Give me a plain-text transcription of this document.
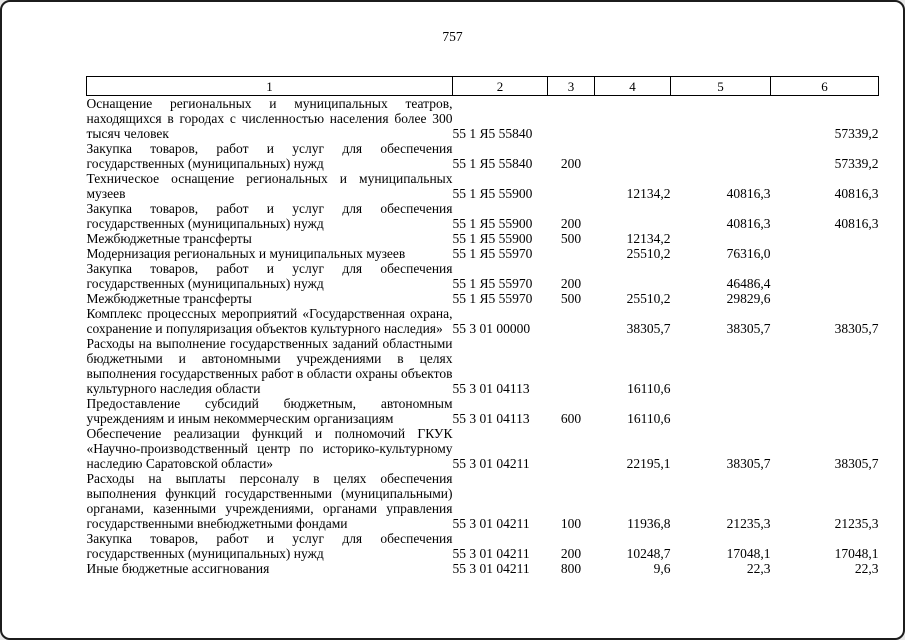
757
1	2	3	4	5	6
Оснащение региональных и муниципальных театров, находящихся в городах с численностью населения более 300 тысяч человек	55 1 Я5 55840				57339,2
Закупка товаров, работ и услуг для обеспечения государственных (муниципальных) нужд	55 1 Я5 55840	200			57339,2
Техническое оснащение региональных и муниципальных музеев	55 1 Я5 55900		12134,2	40816,3	40816,3
Закупка товаров, работ и услуг для обеспечения государственных (муниципальных) нужд	55 1 Я5 55900	200		40816,3	40816,3
Межбюджетные трансферты	55 1 Я5 55900	500	12134,2		
Модернизация региональных и муниципальных музеев	55 1 Я5 55970		25510,2	76316,0	
Закупка товаров, работ и услуг для обеспечения государственных (муниципальных) нужд	55 1 Я5 55970	200		46486,4	
Межбюджетные трансферты	55 1 Я5 55970	500	25510,2	29829,6	
Комплекс процессных мероприятий «Государственная охрана, сохранение и популяризация объектов культурного наследия»	55 3 01 00000		38305,7	38305,7	38305,7
Расходы на выполнение государственных заданий областными бюджетными и автономными учреждениями в целях выполнения государственных работ в области охраны объектов культурного наследия области	55 3 01 04113		16110,6		
Предоставление субсидий бюджетным, автономным учреждениям и иным некоммерческим организациям	55 3 01 04113	600	16110,6		
Обеспечение реализации функций и полномочий ГКУК «Научно-производственный центр по историко-культурному наследию Саратовской области»	55 3 01 04211		22195,1	38305,7	38305,7
Расходы на выплаты персоналу в целях обеспечения выполнения функций государственными (муниципальными) органами, казенными учреждениями, органами управления государственными внебюджетными фондами	55 3 01 04211	100	11936,8	21235,3	21235,3
Закупка товаров, работ и услуг для обеспечения государственных (муниципальных) нужд	55 3 01 04211	200	10248,7	17048,1	17048,1
Иные бюджетные ассигнования	55 3 01 04211	800	9,6	22,3	22,3
